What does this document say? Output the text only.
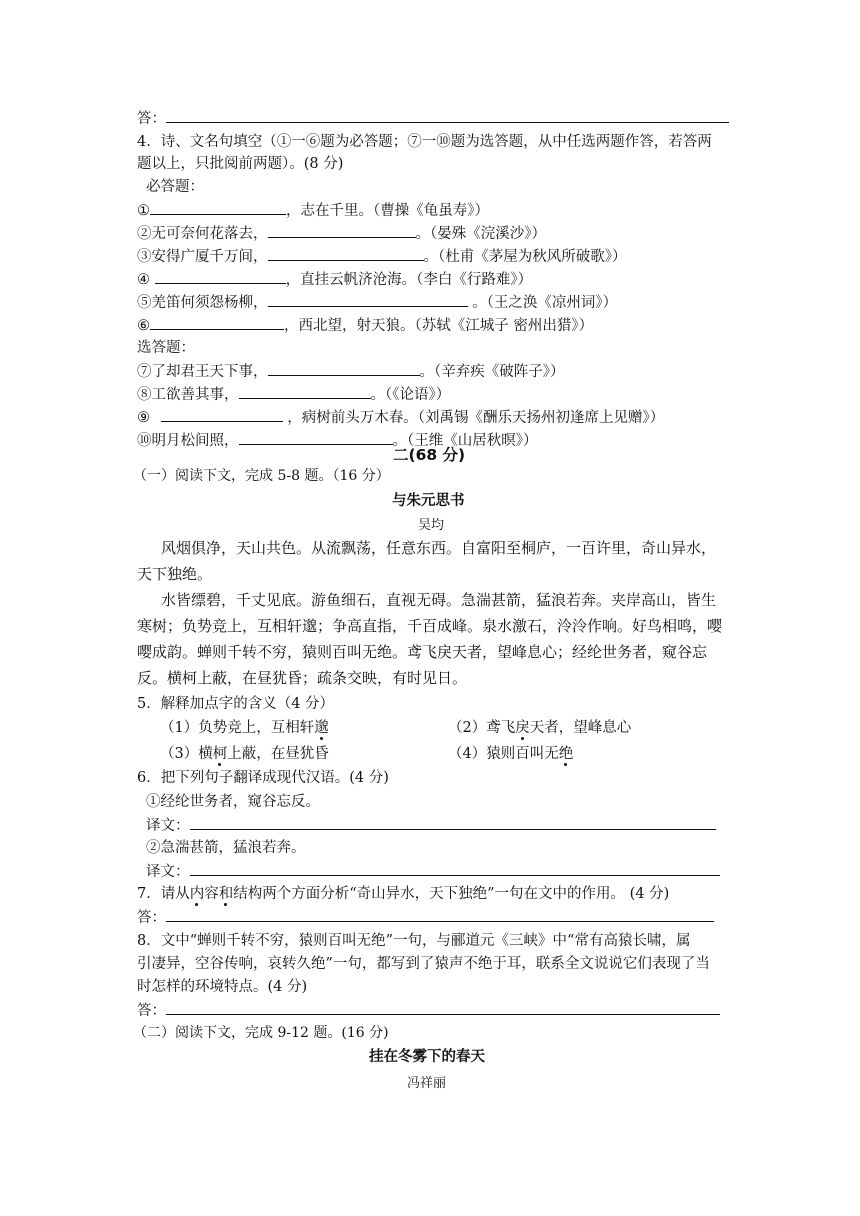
答：
4．诗、文名句填空（①一⑥题为必答题；⑦一⑩题为选答题，从中任选两题作答，若答两
题以上，只批阅前两题）。(8 分)
必答题：
①	，志在千里。（曹操《龟虽寿》）
②无可奈何花落去，	。（晏殊《浣溪沙》）
③安得广厦千万间，	。（杜甫《茅屋为秋风所破歌》）
④	，直挂云帆济沧海。（李白《行路难》）
⑤羌笛何须怨杨柳，	。（王之涣《凉州词》）
⑥	，西北望，射天狼。（苏轼《江城子 密州出猎》）
选答题：
⑦了却君王天下事，	。（辛弃疾《破阵子》）
⑧工欲善其事，	。（《论语》）
⑨	，病树前头万木春。（刘禹锡《酬乐天扬州初逢席上见赠》）
⑩明月松间照，	。（王维《山居秋暝》）
二(68 分)
（一）阅读下文，完成 5-8 题。（16 分）
与朱元思书
吴均
风烟俱净，天山共色。从流飘荡，任意东西。自富阳至桐庐，一百许里，奇山异水，天下独绝。
水皆缥碧，千丈见底。游鱼细石，直视无碍。急湍甚箭，猛浪若奔。夹岸高山，皆生寒树；负势竞上，互相轩邈；争高直指，千百成峰。泉水激石，泠泠作响。好鸟相鸣，嘤嘤成韵。蝉则千转不穷，猿则百叫无绝。鸢飞戾天者，望峰息心；经纶世务者，窥谷忘反。横柯上蔽，在昼犹昏；疏条交映，有时见日。
5．解释加点字的含义（4 分）
（1）负势竞上，互相轩邈	（2）鸢飞戾天者，望峰息心
（3）横柯上蔽，在昼犹昏	（4）猿则百叫无绝
6．把下列句子翻译成现代汉语。(4 分)
①经纶世务者，窥谷忘反。
译文：
②急湍甚箭，猛浪若奔。
译文：
7．请从内容和结构两个方面分析“奇山异水，天下独绝”一句在文中的作用。 (4 分)
答：
8．文中“蝉则千转不穷，猿则百叫无绝”一句，与郦道元《三峡》中“常有高猿长啸，属
引凄异，空谷传响，哀转久绝”一句，都写到了猿声不绝于耳，联系全文说说它们表现了当
时怎样的环境特点。(4 分)
答：
（二）阅读下文，完成 9-12 题。(16 分)
挂在冬雾下的春天
冯祥丽
